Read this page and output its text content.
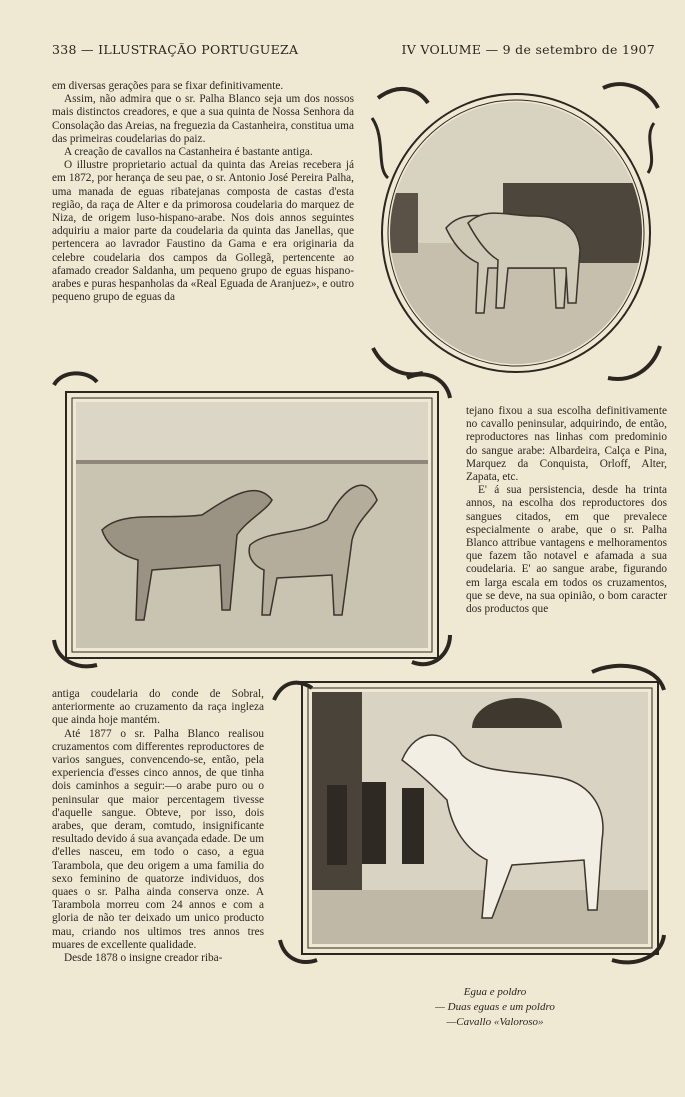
338 — ILLUSTRAÇÃO PORTUGUEZA	IV VOLUME — 9 de setembro de 1907

em diversas gerações para se fixar definitivamente.

Assim, não admira que o sr. Palha Blanco seja um dos nossos mais distinctos creadores, e que a sua quinta de Nossa Senhora da Consolação das Areias, na freguezia da Castanheira, constitua uma das primeiras coudelarias do paiz.

A creação de cavallos na Castanheira é bastante antiga.

O illustre proprietario actual da quinta das Areias recebera já em 1872, por herança de seu pae, o sr. Antonio José Pereira Palha, uma manada de eguas ribatejanas composta de castas d'esta região, da raça de Alter e da primorosa coudelaria do marquez de Niza, de origem luso-hispano-arabe. Nos dois annos seguintes adquiriu a maior parte da coudelaria da quinta das Janellas, que pertencera ao lavrador Faustino da Gama e era originaria da celebre coudelaria dos campos da Gollegã, pertencente ao afamado creador Saldanha, um pequeno grupo de eguas hispano-arabes e puras hespanholas da «Real Eguada de Aranjuez», e outro pequeno grupo de eguas da

tejano fixou a sua escolha definitivamente no cavallo peninsular, adquirindo, de então, reproductores nas linhas com predominio do sangue arabe: Albardeira, Calça e Pina, Marquez da Conquista, Orloff, Alter, Zapata, etc.

E' á sua persistencia, desde ha trinta annos, na escolha dos reproductores dos sangues citados, em que prevalece especialmente o arabe, que o sr. Palha Blanco attribue vantagens e melhoramentos que fazem tão notavel e afamada a sua coudelaria. E' ao sangue arabe, figurando em larga escala em todos os cruzamentos, que se deve, na sua opinião, o bom caracter dos productos que

antiga coudelaria do conde de Sobral, anteriormente ao cruzamento da raça ingleza que ainda hoje mantém.

Até 1877 o sr. Palha Blanco realisou cruzamentos com differentes reproductores de varios sangues, convencendo-se, então, pela experiencia d'esses cinco annos, de que tinha dois caminhos a seguir:—o arabe puro ou o peninsular que maior percentagem tivesse d'aquelle sangue. Obteve, por isso, dois arabes, que deram, comtudo, insignificante resultado devido á sua avançada edade. De um d'elles nasceu, em todo o caso, a egua Tarambola, que deu origem a uma familia do sexo feminino de quatorze individuos, dos quaes o sr. Palha ainda conserva onze. A Tarambola morreu com 24 annos e com a gloria de não ter deixado um unico producto mau, criando nos ultimos tres annos tres muares de excellente qualidade.

Desde 1878 o insigne creador riba-

Egua e poldro
— Duas eguas e um poldro
—Cavallo «Valoroso»
